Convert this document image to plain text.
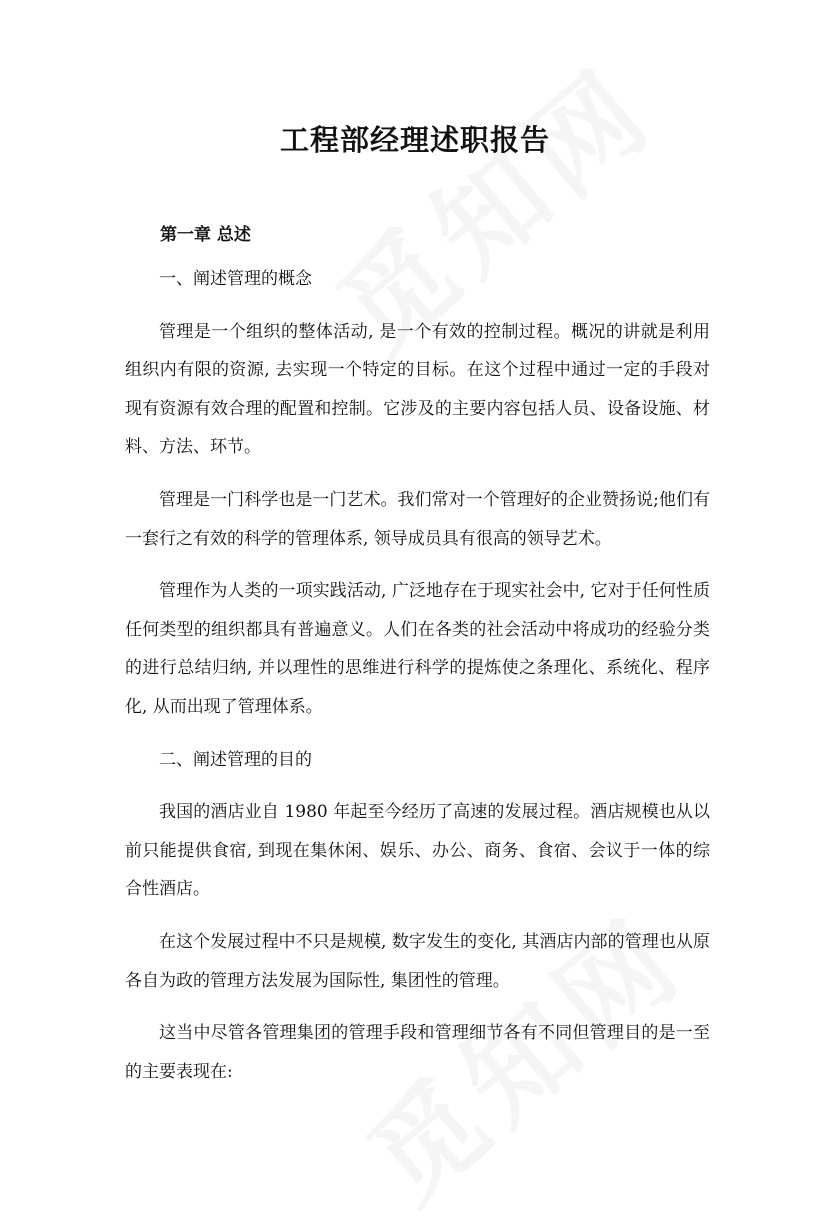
工程部经理述职报告
第一章 总述

一、阐述管理的概念

管理是一个组织的整体活动, 是一个有效的控制过程。概况的讲就是利用组织内有限的资源, 去实现一个特定的目标。在这个过程中通过一定的手段对现有资源有效合理的配置和控制。它涉及的主要内容包括人员、设备设施、材料、方法、环节。

管理是一门科学也是一门艺术。我们常对一个管理好的企业赞扬说;他们有一套行之有效的科学的管理体系, 领导成员具有很高的领导艺术。

管理作为人类的一项实践活动, 广泛地存在于现实社会中, 它对于任何性质任何类型的组织都具有普遍意义。人们在各类的社会活动中将成功的经验分类的进行总结归纳, 并以理性的思维进行科学的提炼使之条理化、系统化、程序化, 从而出现了管理体系。

二、阐述管理的目的

我国的酒店业自 1980 年起至今经历了高速的发展过程。酒店规模也从以前只能提供食宿, 到现在集休闲、娱乐、办公、商务、食宿、会议于一体的综合性酒店。

在这个发展过程中不只是规模, 数字发生的变化, 其酒店内部的管理也从原各自为政的管理方法发展为国际性, 集团性的管理。

这当中尽管各管理集团的管理手段和管理细节各有不同但管理目的是一至的主要表现在:
